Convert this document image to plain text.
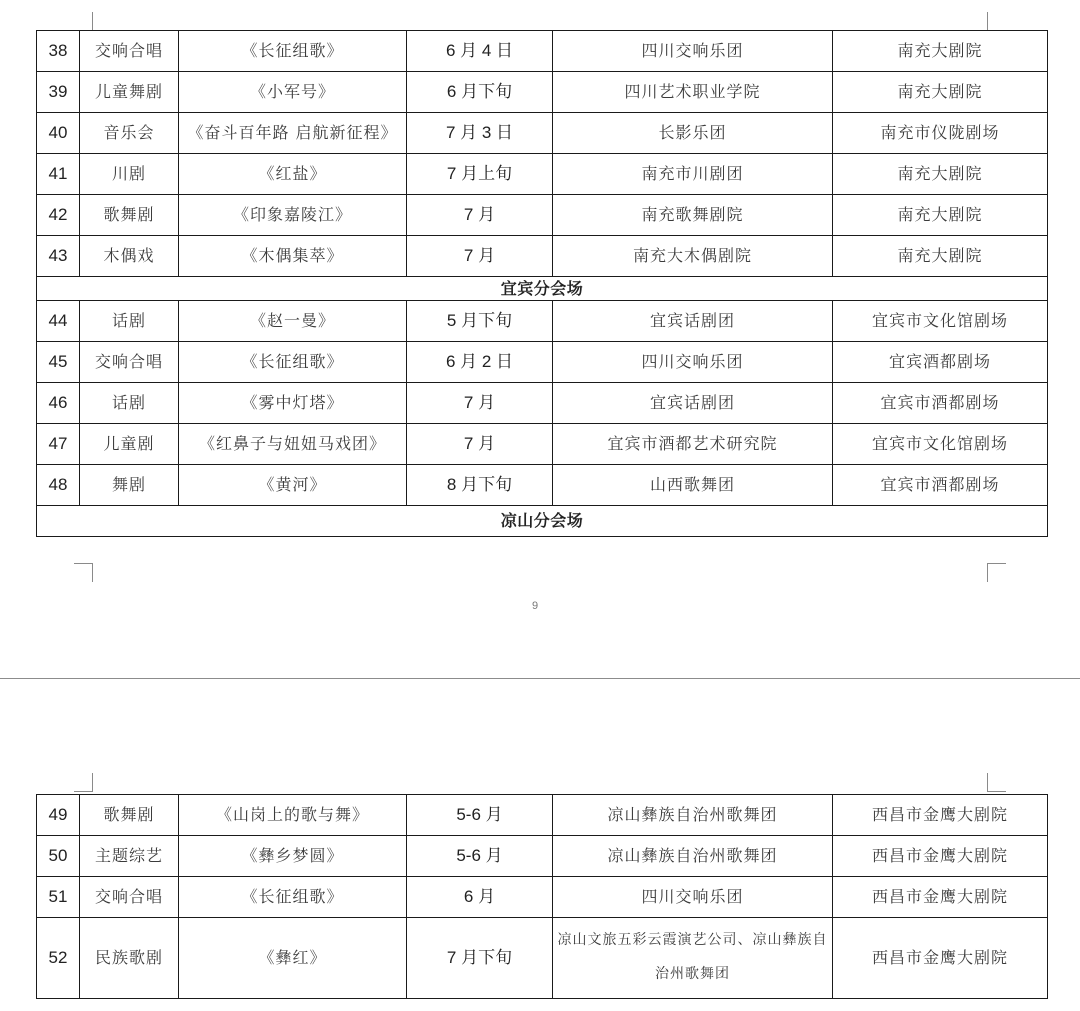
38	交响合唱	《长征组歌》	6 月 4 日	四川交响乐团	南充大剧院
39	儿童舞剧	《小军号》	6 月下旬	四川艺术职业学院	南充大剧院
40	音乐会	《奋斗百年路 启航新征程》	7 月 3 日	长影乐团	南充市仪陇剧场
41	川剧	《红盐》	7 月上旬	南充市川剧团	南充大剧院
42	歌舞剧	《印象嘉陵江》	7 月	南充歌舞剧院	南充大剧院
43	木偶戏	《木偶集萃》	7 月	南充大木偶剧院	南充大剧院
宜宾分会场					
44	话剧	《赵一曼》	5 月下旬	宜宾话剧团	宜宾市文化馆剧场
45	交响合唱	《长征组歌》	6 月 2 日	四川交响乐团	宜宾酒都剧场
46	话剧	《雾中灯塔》	7 月	宜宾话剧团	宜宾市酒都剧场
47	儿童剧	《红鼻子与妞妞马戏团》	7 月	宜宾市酒都艺术研究院	宜宾市文化馆剧场
48	舞剧	《黄河》	8 月下旬	山西歌舞团	宜宾市酒都剧场
凉山分会场					
9
49	歌舞剧	《山岗上的歌与舞》	5-6 月	凉山彝族自治州歌舞团	西昌市金鹰大剧院
50	主题综艺	《彝乡梦圆》	5-6 月	凉山彝族自治州歌舞团	西昌市金鹰大剧院
51	交响合唱	《长征组歌》	6 月	四川交响乐团	西昌市金鹰大剧院
52	民族歌剧	《彝红》	7 月下旬	凉山文旅五彩云霞演艺公司、凉山彝族自治州歌舞团	西昌市金鹰大剧院
